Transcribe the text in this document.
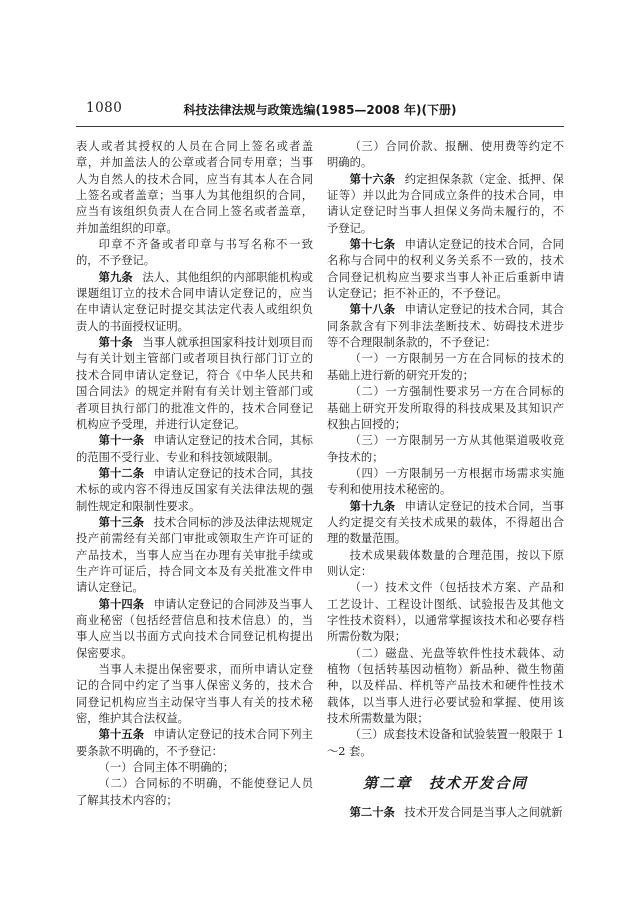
1080	科技法律法规与政策选编(1985—2008 年)(下册)

表人或者其授权的人员在合同上签名或者盖章，并加盖法人的公章或者合同专用章；当事人为自然人的技术合同，应当有其本人在合同上签名或者盖章；当事人为其他组织的合同，应当有该组织负责人在合同上签名或者盖章，并加盖组织的印章。

印章不齐备或者印章与书写名称不一致的，不予登记。

第九条 法人、其他组织的内部职能机构或课题组订立的技术合同申请认定登记的，应当在申请认定登记时提交其法定代表人或组织负责人的书面授权证明。

第十条 当事人就承担国家科技计划项目而与有关计划主管部门或者项目执行部门订立的技术合同申请认定登记，符合《中华人民共和国合同法》的规定并附有有关计划主管部门或者项目执行部门的批准文件的，技术合同登记机构应予受理，并进行认定登记。

第十一条 申请认定登记的技术合同，其标的范围不受行业、专业和科技领域限制。

第十二条 申请认定登记的技术合同，其技术标的或内容不得违反国家有关法律法规的强制性规定和限制性要求。

第十三条 技术合同标的涉及法律法规规定投产前需经有关部门审批或领取生产许可证的产品技术，当事人应当在办理有关审批手续或生产许可证后，持合同文本及有关批准文件申请认定登记。

第十四条 申请认定登记的合同涉及当事人商业秘密（包括经营信息和技术信息）的，当事人应当以书面方式向技术合同登记机构提出保密要求。

当事人未提出保密要求，而所申请认定登记的合同中约定了当事人保密义务的，技术合同登记机构应当主动保守当事人有关的技术秘密，维护其合法权益。

第十五条 申请认定登记的技术合同下列主要条款不明确的，不予登记：

（一）合同主体不明确的；

（二）合同标的不明确，不能使登记人员了解其技术内容的；

（三）合同价款、报酬、使用费等约定不明确的。

第十六条 约定担保条款（定金、抵押、保证等）并以此为合同成立条件的技术合同，申请认定登记时当事人担保义务尚未履行的，不予登记。

第十七条 申请认定登记的技术合同，合同名称与合同中的权利义务关系不一致的，技术合同登记机构应当要求当事人补正后重新申请认定登记；拒不补正的，不予登记。

第十八条 申请认定登记的技术合同，其合同条款含有下列非法垄断技术、妨碍技术进步等不合理限制条款的，不予登记：

（一）一方限制另一方在合同标的技术的基础上进行新的研究开发的；

（二）一方强制性要求另一方在合同标的基础上研究开发所取得的科技成果及其知识产权独占回授的；

（三）一方限制另一方从其他渠道吸收竞争技术的；

（四）一方限制另一方根据市场需求实施专利和使用技术秘密的。

第十九条 申请认定登记的技术合同，当事人约定提交有关技术成果的载体，不得超出合理的数量范围。

技术成果载体数量的合理范围，按以下原则认定：

（一）技术文件（包括技术方案、产品和工艺设计、工程设计图纸、试验报告及其他文字性技术资料），以通常掌握该技术和必要存档所需份数为限；

（二）磁盘、光盘等软件性技术载体、动植物（包括转基因动植物）新品种、微生物菌种，以及样品、样机等产品技术和硬件性技术载体，以当事人进行必要试验和掌握、使用该技术所需数量为限；

（三）成套技术设备和试验装置一般限于 1～2 套。

第二章　技术开发合同

第二十条 技术开发合同是当事人之间就新
